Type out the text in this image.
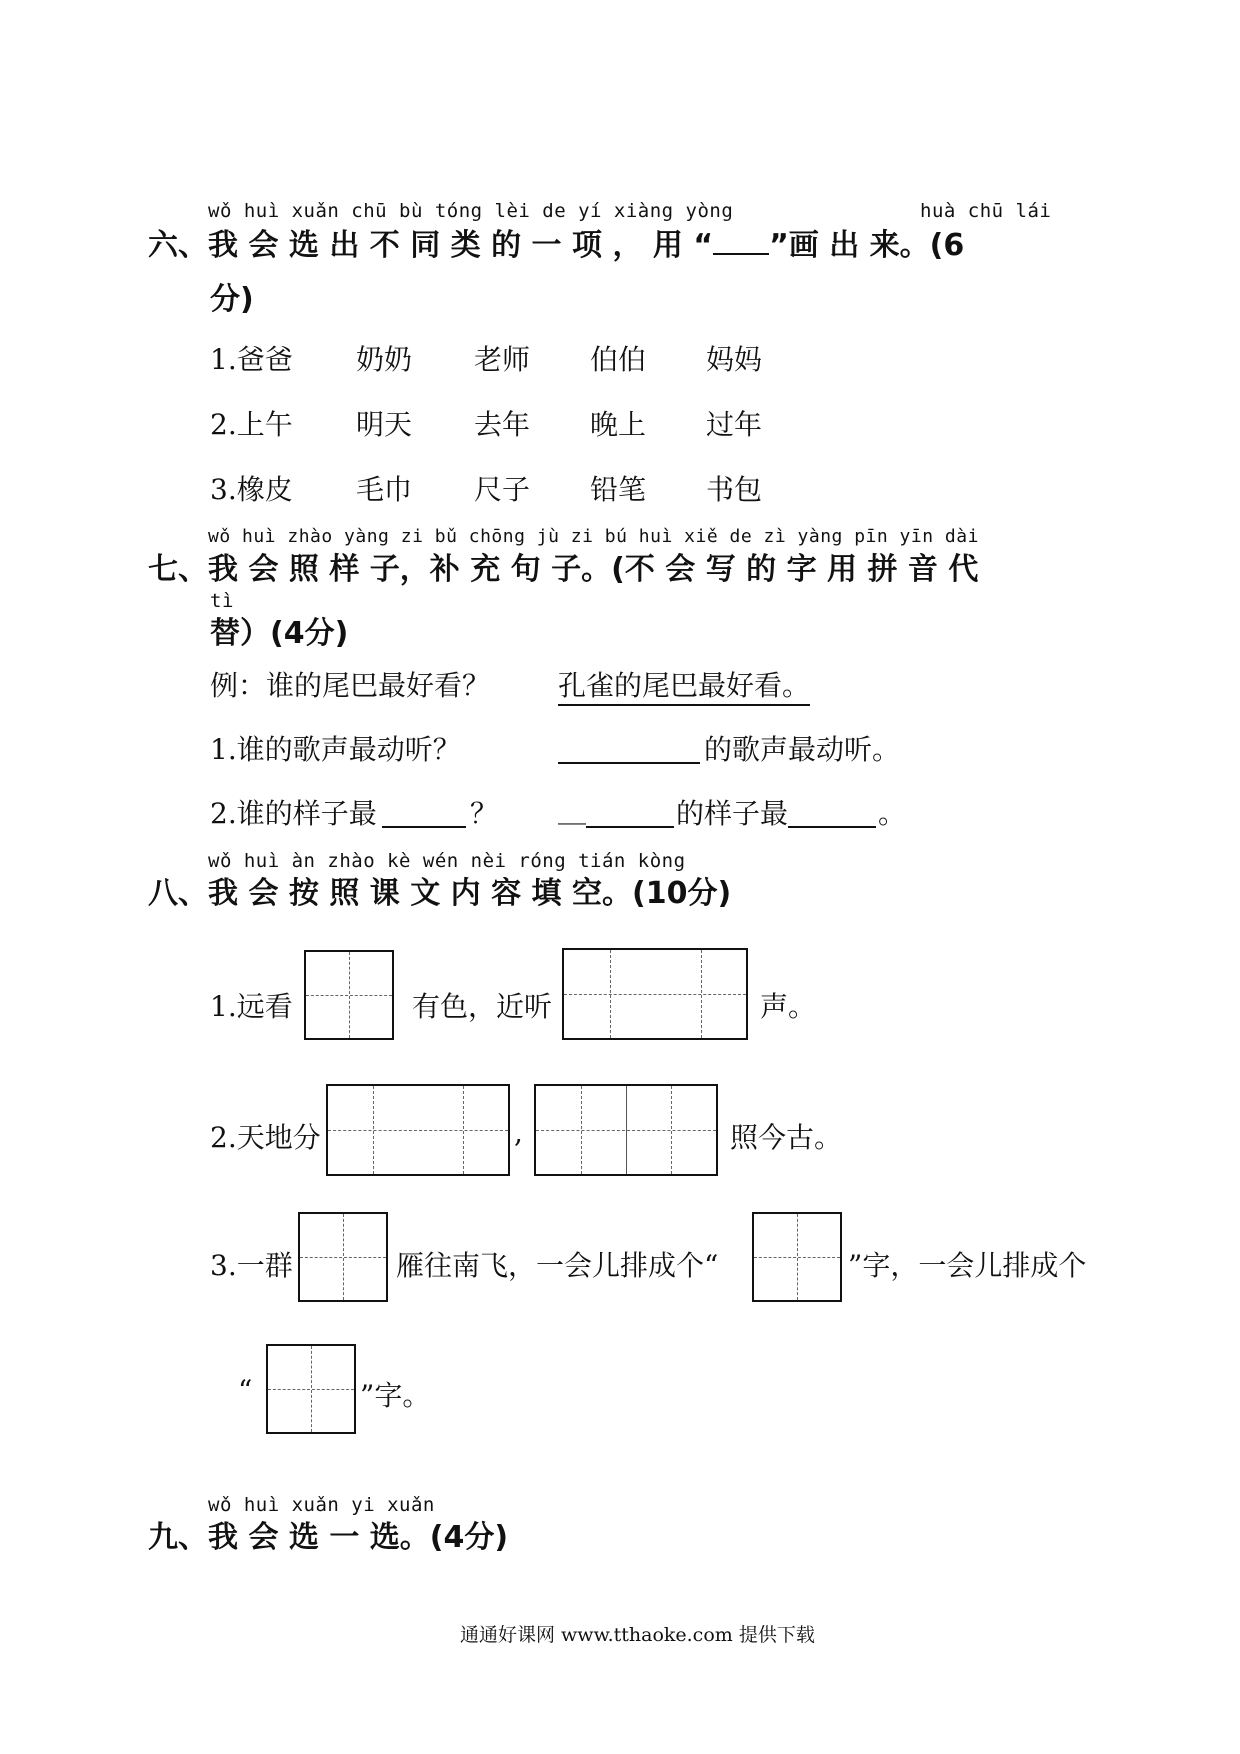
wǒ huì xuǎn chū bù tóng lèi de yí xiàng yòng	huà chū lái
六、我 会 选 出 不 同 类 的 一 项 ， 用 “ ”画 出 来。(6
分)
1.爸爸 奶奶 老师 伯伯 妈妈
2.上午 明天 去年 晚上 过年
3.橡皮 毛巾 尺子 铅笔 书包
wǒ huì zhào yàng zi bǔ chōng jù zi bú huì xiě de zì yàng pīn yīn dài
七、我 会 照 样 子，补 充 句 子。(不 会 写 的 字 用 拼 音 代
tì
替）(4分)
例：谁的尾巴最好看？ 孔雀的尾巴最好看。
1.谁的歌声最动听？	的歌声最动听。
2.谁的样子最	？ __	的样子最	。
wǒ huì àn zhào kè wén nèi róng tián kòng
八、我 会 按 照 课 文 内 容 填 空。(10分)
1.远看	有色，近听	声。
2.天地分	,	照今古。
3.一群	雁往南飞，一会儿排成个“	”字，一会儿排成个
“	”字。
wǒ huì xuǎn yi xuǎn
九、我 会 选 一 选。(4分)
通通好课网 www.tthaoke.com 提供下载
